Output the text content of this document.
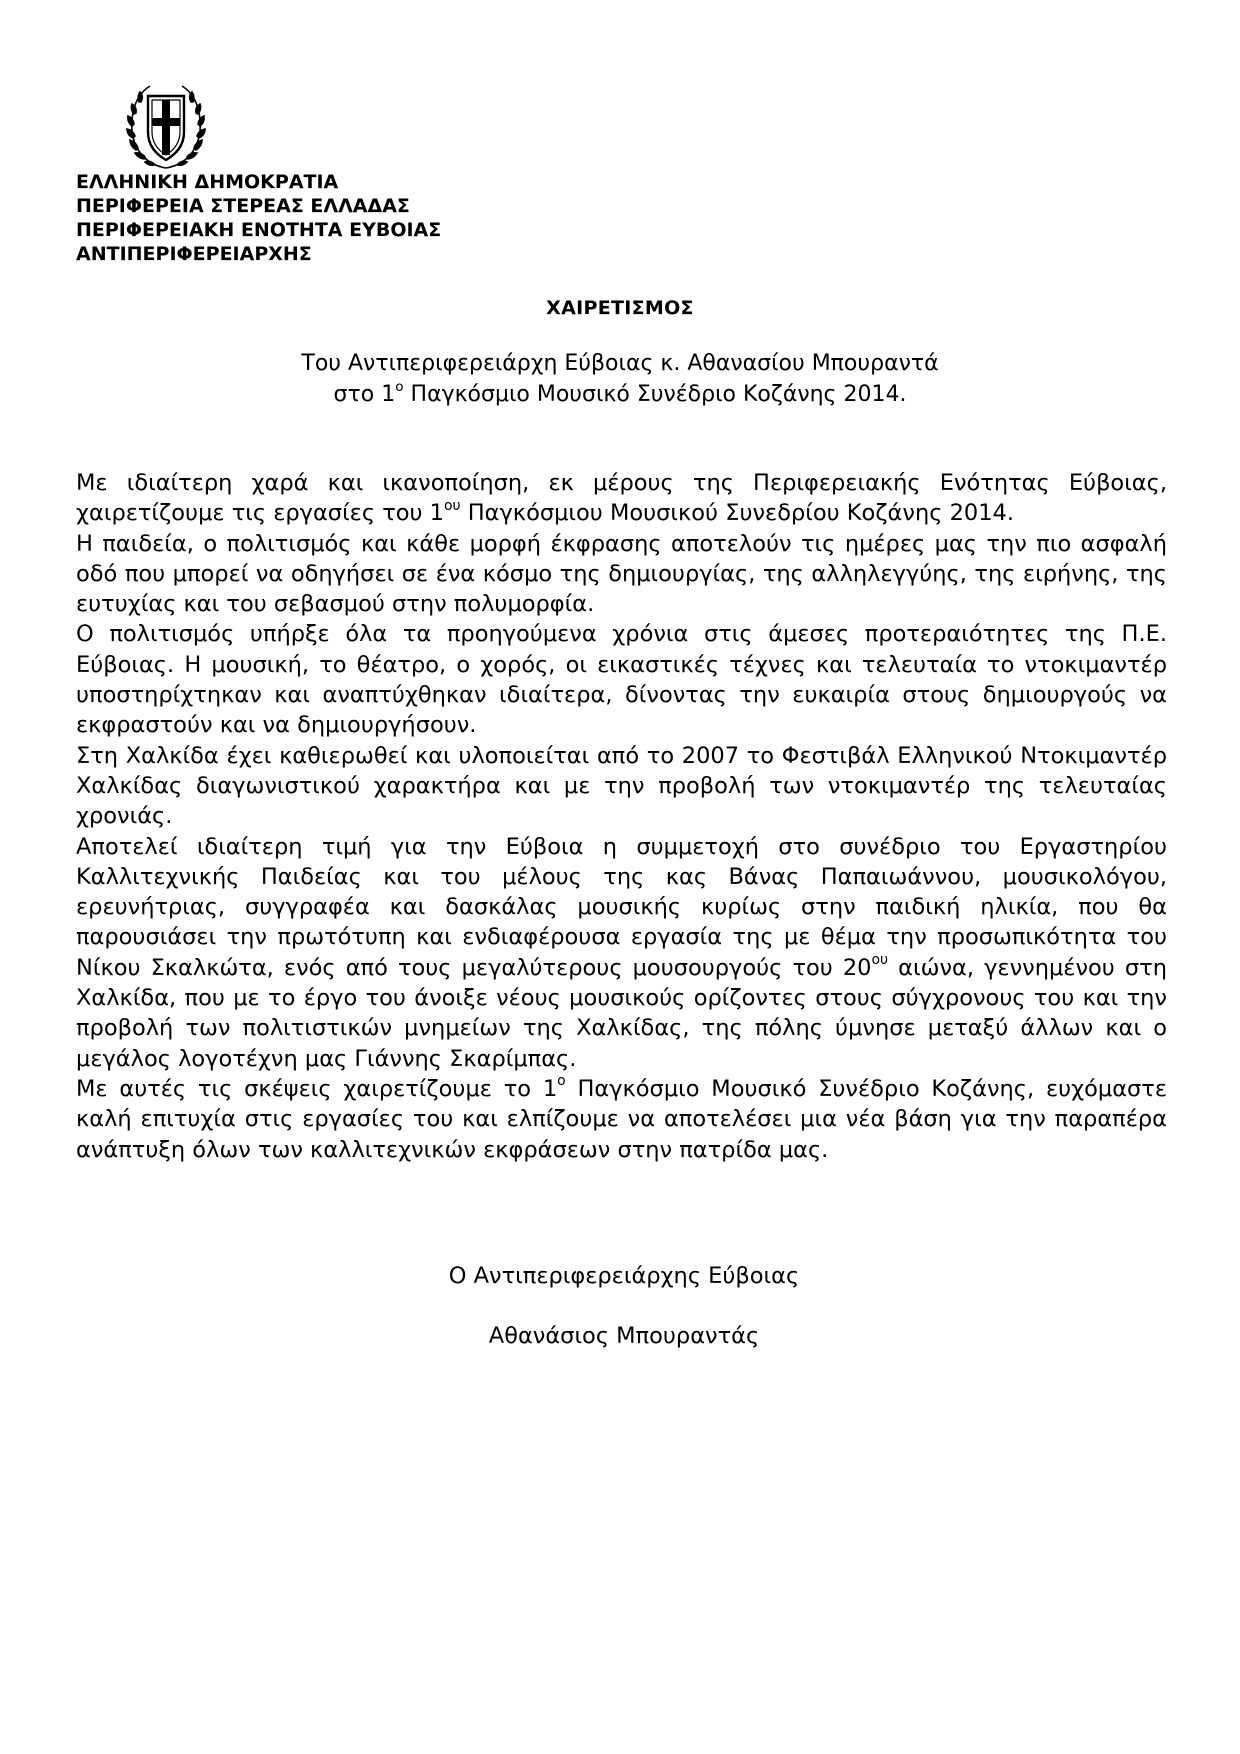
ΕΛΛΗΝΙΚΗ ΔΗΜΟΚΡΑΤΙΑ
ΠΕΡΙΦΕΡΕΙΑ ΣΤΕΡΕΑΣ ΕΛΛΑΔΑΣ
ΠΕΡΙΦΕΡΕΙΑΚΗ ΕΝΟΤΗΤΑ ΕΥΒΟΙΑΣ
ΑΝΤΙΠΕΡΙΦΕΡΕΙΑΡΧΗΣ
ΧΑΙΡΕΤΙΣΜΟΣ
Του Αντιπεριφερειάρχη Εύβοιας κ. Αθανασίου Μπουραντά
στο $1^o$ Παγκόσμιο Μουσικό Συνέδριο Κοζάνης 2014.

Με ιδιαίτερη χαρά και ικανοποίηση, εκ μέρους της Περιφερειακής Ενότητας Εύβοιας, χαιρετίζουμε τις εργασίες του $1^{o\upsilon}$ Παγκόσμιου Μουσικού Συνεδρίου Κοζάνης 2014.

Η παιδεία, ο πολιτισμός και κάθε μορφή έκφρασης αποτελούν τις ημέρες μας την πιο ασφαλή οδό που μπορεί να οδηγήσει σε ένα κόσμο της δημιουργίας, της αλληλεγγύης, της ειρήνης, της ευτυχίας και του σεβασμού στην πολυμορφία.

Ο πολιτισμός υπήρξε όλα τα προηγούμενα χρόνια στις άμεσες προτεραιότητες της Π.Ε. Εύβοιας. Η μουσική, το θέατρο, ο χορός, οι εικαστικές τέχνες και τελευταία το ντοκιμαντέρ υποστηρίχτηκαν και αναπτύχθηκαν ιδιαίτερα, δίνοντας την ευκαιρία στους δημιουργούς να εκφραστούν και να δημιουργήσουν.

Στη Χαλκίδα έχει καθιερωθεί και υλοποιείται από το 2007 το Φεστιβάλ Ελληνικού Ντοκιμαντέρ Χαλκίδας διαγωνιστικού χαρακτήρα και με την προβολή των ντοκιμαντέρ της τελευταίας χρονιάς.

Αποτελεί ιδιαίτερη τιμή για την Εύβοια η συμμετοχή στο συνέδριο του Εργαστηρίου Καλλιτεχνικής Παιδείας και του μέλους της κας Βάνας Παπαιωάννου, μουσικολόγου, ερευνήτριας, συγγραφέα και δασκάλας μουσικής κυρίως στην παιδική ηλικία, που θα παρουσιάσει την πρωτότυπη και ενδιαφέρουσα εργασία της με θέμα την προσωπικότητα του Νίκου Σκαλκώτα, ενός από τους μεγαλύτερους μουσουργούς του $20^{o\upsilon}$ αιώνα, γεννημένου στη Χαλκίδα, που με το έργο του άνοιξε νέους μουσικούς ορίζοντες στους σύγχρονους του και την προβολή των πολιτιστικών μνημείων της Χαλκίδας, της πόλης ύμνησε μεταξύ άλλων και ο μεγάλος λογοτέχνη μας Γιάννης Σκαρίμπας.

Με αυτές τις σκέψεις χαιρετίζουμε το $1^o$ Παγκόσμιο Μουσικό Συνέδριο Κοζάνης, ευχόμαστε καλή επιτυχία στις εργασίες του και ελπίζουμε να αποτελέσει μια νέα βάση για την παραπέρα ανάπτυξη όλων των καλλιτεχνικών εκφράσεων στην πατρίδα μας.

Ο Αντιπεριφερειάρχης Εύβοιας
Αθανάσιος Μπουραντάς
